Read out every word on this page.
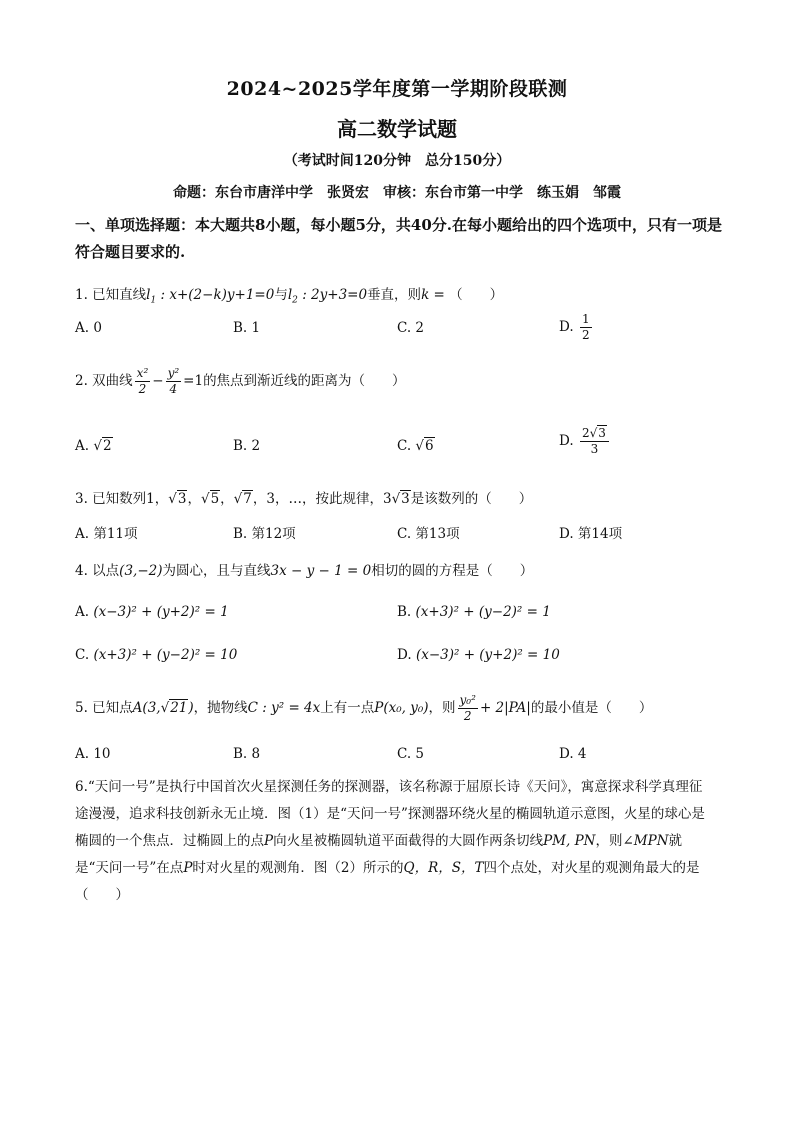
2024~2025学年度第一学期阶段联测
高二数学试题
（考试时间120分钟　总分150分）
命题：东台市唐洋中学　张贤宏　审核：东台市第一中学　练玉娟　邹霞
一、单项选择题：本大题共8小题，每小题5分，共40分.在每小题给出的四个选项中，只有一项是符合题目要求的.
1. 已知直线$l_1$ : x+(2−k)y+1=0与$l_2$ : 2y+3=0垂直，则k = （　　）
A. 0	B. 1	C. 2	D. $\frac{1}{2}$
2. 双曲线 $\frac{\text{x²}}{2} - \frac{\text{y²}}{4} =1$的焦点到渐近线的距离为（　　）
A. √2	B. 2	C. √6	D. $\frac{2√3}{3}$
3. 已知数列1，√3，√5，√7，3，…，按此规律，3√3是该数列的（　　）
A. 第11项	B. 第12项	C. 第13项	D. 第14项
4. 以点(3,−2)为圆心，且与直线3x − y − 1 = 0相切的圆的方程是（　　）
A. (x−3)² + (y+2)² = 1	B. (x+3)² + (y−2)² = 1
C. (x+3)² + (y−2)² = 10	D. (x−3)² + (y+2)² = 10
5. 已知点A(3,√21)，抛物线C : y² = 4x上有一点P(x₀, y₀)，则 $\frac{\text{y₀²}}{2} + 2|PA|$的最小值是（　　）
A. 10	B. 8	C. 5	D. 4
6.“天问一号”是执行中国首次火星探测任务的探测器，该名称源于屈原长诗《天问》，寓意探求科学真理征
途漫漫，追求科技创新永无止境．图（1）是“天问一号”探测器环绕火星的椭圆轨道示意图，火星的球心是
椭圆的一个焦点．过椭圆上的点P向火星被椭圆轨道平面截得的大圆作两条切线PM, PN，则∠MPN就
是“天问一号”在点P时对火星的观测角．图（2）所示的Q，R，S，T四个点处，对火星的观测角最大的是
（　　）
